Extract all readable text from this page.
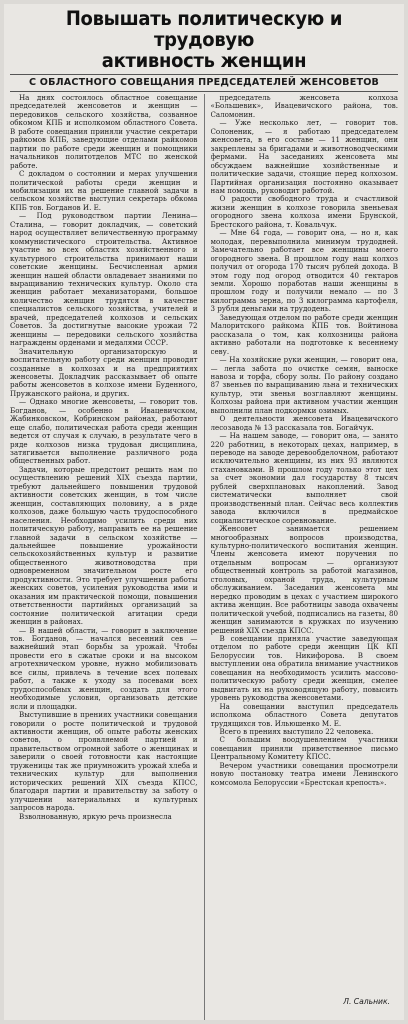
Повышать политическую и трудовую
активность женщин
С ОБЛАСТНОГО СОВЕЩАНИЯ ПРЕДСЕДАТЕЛЕЙ ЖЕНСОВЕТОВ

На днях состоялось областное совещание председателей женсоветов и женщин — передовиков сельского хозяйства, созванное обкомом КПБ и исполкомом областного Совета. В работе совещания приняли участие секретари райкомов КПБ, заведующие отделами райкомов партии по работе среди женщин и помощники начальников политотделов МТС по женской работе.

С докладом о состоянии и мерах улучшения политической работы среди женщин и мобилизации их на решение главной задачи в сельском хозяйстве выступил секретарь обкома КПБ тов. Богданов И. Е.

— Под руководством партии Ленина—Сталина, — говорит докладчик, — советский народ осуществляет величественную программу коммунистического строительства. Активное участие во всех областях хозяйственного и культурного строительства принимают наши советские женщины. Бесчисленная армия женщин нашей области овладевает знаниями по выращиванию технических культур. Около ста женщин работает механизаторами, большое количество женщин трудятся в качестве специалистов сельского хозяйства, учителей и врачей, председателей колхозов и сельских Советов. За достигнутые высокие урожаи 72 женщины — передовики сельского хозяйства награждены орденами и медалями СССР.

Значительную организаторскую и воспитательную работу среди женщин проводят созданные в колхозах и на предприятиях женсоветы. Докладчик рассказывает об опыте работы женсоветов в колхозе имени Буденного, Пружанского района, и других.

— Однако многие женсоветы, — говорит тов. Богданов, — особенно в Ивацевичском, Жабинковском, Кобринском районах, работают еще слабо, политическая работа среди женщин ведется от случая к случаю, в результате чего в ряде колхозов низка трудовая дисциплина, затягивается выполнение различного рода общественных работ.

Задачи, которые предстоит решить нам по осуществлению решений XIX съезда партии, требуют дальнейшего повышения трудовой активности советских женщин, в том числе женщин, составляющих половину, а в ряде колхозов, даже большую часть трудоспособного населения. Необходимо усилить среди них политическую работу, направить ее на решение главной задачи в сельском хозяйстве — дальнейшее повышение урожайности сельскохозяйственных культур и развитие общественного животноводства при одновременном значительном росте его продуктивности. Это требует улучшения работы женских советов, усиления руководства ими и оказания им практической помощи, повышения ответственности партийных организаций за состояние политической агитации среди женщин в районах.

— В нашей области, — говорит в заключение тов. Богданов, — начался весенний сев — важнейший этап борьбы за урожай. Чтобы провести его в сжатые сроки и на высоком агротехническом уровне, нужно мобилизовать все силы, привлечь в течение всех полевых работ, а также к уходу за посевами всех трудоспособных женщин, создать для этого необходимые условия, организовать детские ясли и площадки.

Выступившие в прениях участники совещания говорили о росте политической и трудовой активности женщин, об опыте работы женских советов, о проявляемой партией и правительством огромной заботе о женщинах и заверили о своей готовности как настоящие труженицы так же приумножить урожай хлеба и технических культур для выполнения исторических решений XIX съезда КПСС, благодаря партии и правительству за заботу о улучшении материальных и культурных запросов народа.

Взволнованную, яркую речь произнесла

председатель женсовета колхоза «Большевик», Ивацевичского района, тов. Саломонин.

— Уже несколько лет, — говорит тов. Солоненик, — я работаю председателем женсовета, в его составе — 11 женщин, они закреплены за бригадами и животноводческими фермами. На заседаниях женсовета мы обсуждаем важнейшие хозяйственные и политические задачи, стоящие перед колхозом. Партийная организация постоянно оказывает нам помощь, руководит работой.

О радости свободного труда и счастливой жизни женщин в колхозе говорила звеньевая огородного звена колхоза имени Брунской, Брестского района, т. Ковальчук.

— Мне 64 года, — говорит она, — но я, как молодая, перевыполнила минимум трудодней. Замечательно работает все женщины моего огородного звена. В прошлом году наш колхоз получил от огорода 170 тысяч рублей дохода. В этом году под огород отводится 40 гектаров земли. Хорошо поработав наши женщины в прошлом году и получили немало — по 3 килограмма зерна, по 3 килограмма картофеля, 3 рубля деньгами на трудодень.

Заведующая отделом по работе среди женщин Малоритского райкома КПБ тов. Войтинова рассказала о том, как колхозницы района активно работали на подготовке к весеннему севу.

— На хозяйские руки женщин, — говорит она, — легла забота по очистке семян, выноске навоза и торфа, сбору золы. По району создано 87 звеньев по выращиванию льна и технических культур, эти звенья возглавляют женщины. Колхозы района при активном участии женщин выполнили план подкормки озимых.

О деятельности женсовета Ивацевичского лесозавода № 13 рассказала тов. Богайчук.

— На нашем заводе, — говорит она, — занято 220 работниц, в некоторых цехах, например, в переводе на заводе деревообделочном, работают исключительно женщины, из них 93 являются стахановками. В прошлом году только этот цех за счет экономии дал государству 8 тысяч рублей сверхплановых накоплений. Завод систематически выполняет свой производственный план. Сейчас весь коллектив завода включился в предмайское социалистическое соревнование.

Женсовет занимается решением многообразных вопросов производства, культурно-политического воспитания женщин. Члены женсовета имеют поручения по отдельным вопросам — организуют общественный контроль за работой магазинов, столовых, охраной труда, культурным обслуживанием. Заседания женсовета мы нередко проводим в цехах с участием широкого актива женщин. Все работницы завода охвачены политической учебой, подписались на газеты, 80 женщин занимаются в кружках по изучению решений XIX съезда КПСС.

В совещании приняла участие заведующая отделом по работе среди женщин ЦК КП Белоруссии тов. Никифорова. В своем выступлении она обратила внимание участников совещания на необходимость усилить массово-политическую работу среди женщин, смелее выдвигать их на руководящую работу, повысить уровень руководства женсоветами.

На совещании выступил председатель исполкома областного Совета депутатов трудящихся тов. Ильюшенко М. Е.

Всего в прениях выступило 22 человека.

С большим воодушевлением участники совещания приняли приветственное письмо Центральному Комитету КПСС.

Вечером участники совещания просмотрели новую постановку театра имени Ленинского комсомола Белоруссии «Брестская крепость».

Л. Сальник.
